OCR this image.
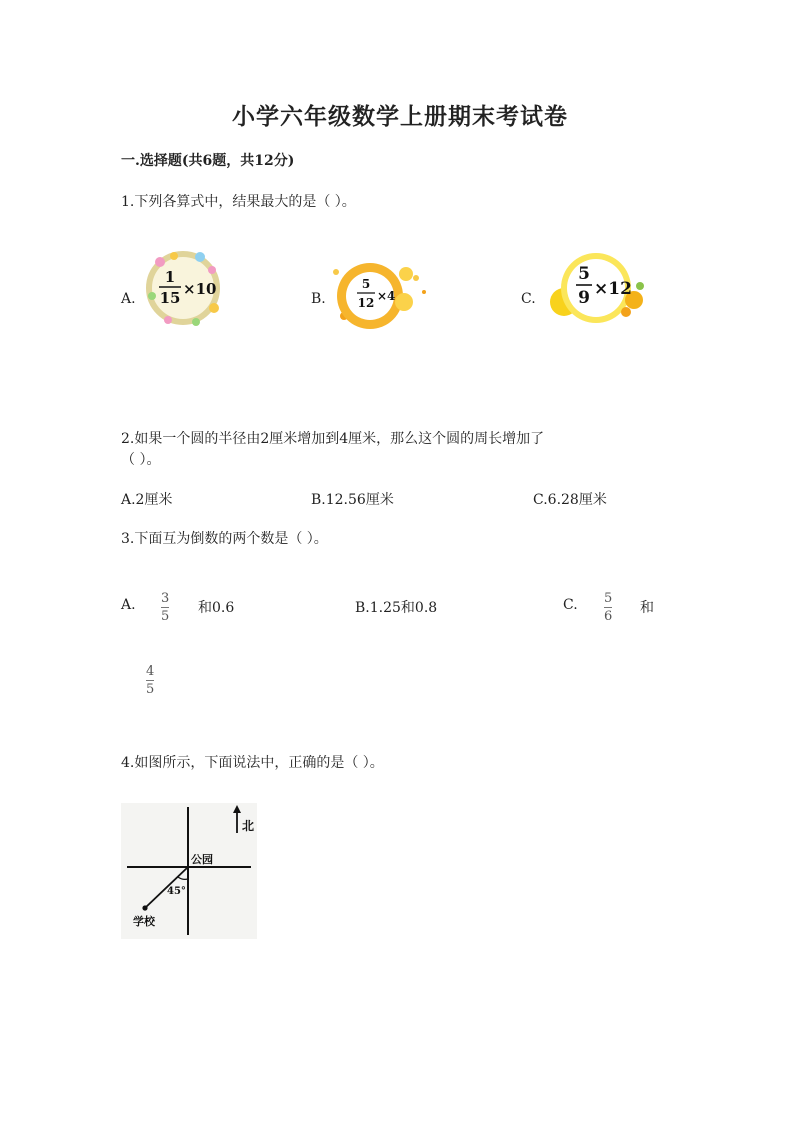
小学六年级数学上册期末考试卷
一.选择题(共6题，共12分)
1.下列各算式中，结果最大的是（ ）。
A.
1
15 ×10
B.
5
12 ×4	C.
5
9 ×12
2.如果一个圆的半径由2厘米增加到4厘米，那么这个圆的周长增加了
（ ）。
A.2厘米	B.12.56厘米	C.6.28厘米
3.下面互为倒数的两个数是（ ）。
A. $\frac{3}{5}$ 和0.6	B.1.25和0.8	C. $\frac{5}{6}$ 和
$\frac{4}{5}$
4.如图所示，下面说法中，正确的是（ ）。
北
公园
45°
学校
